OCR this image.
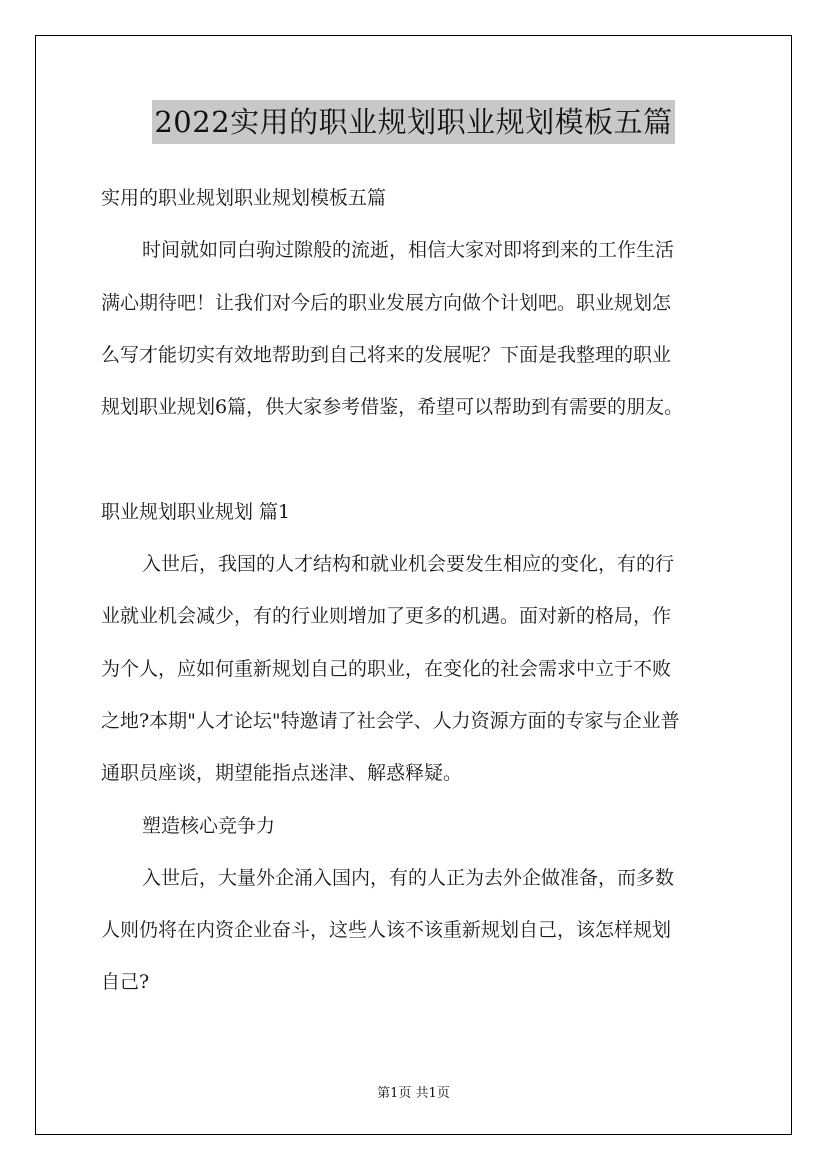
2022实用的职业规划职业规划模板五篇
实用的职业规划职业规划模板五篇
时间就如同白驹过隙般的流逝，相信大家对即将到来的工作生活
满心期待吧！让我们对今后的职业发展方向做个计划吧。职业规划怎
么写才能切实有效地帮助到自己将来的发展呢？下面是我整理的职业
规划职业规划6篇，供大家参考借鉴，希望可以帮助到有需要的朋友。
职业规划职业规划 篇1
入世后，我国的人才结构和就业机会要发生相应的变化，有的行
业就业机会减少，有的行业则增加了更多的机遇。面对新的格局，作
为个人，应如何重新规划自己的职业，在变化的社会需求中立于不败
之地?本期"人才论坛"特邀请了社会学、人力资源方面的专家与企业普
通职员座谈，期望能指点迷津、解惑释疑。
塑造核心竞争力
入世后，大量外企涌入国内，有的人正为去外企做准备，而多数
人则仍将在内资企业奋斗，这些人该不该重新规划自己，该怎样规划
自己?
第1页 共1页
